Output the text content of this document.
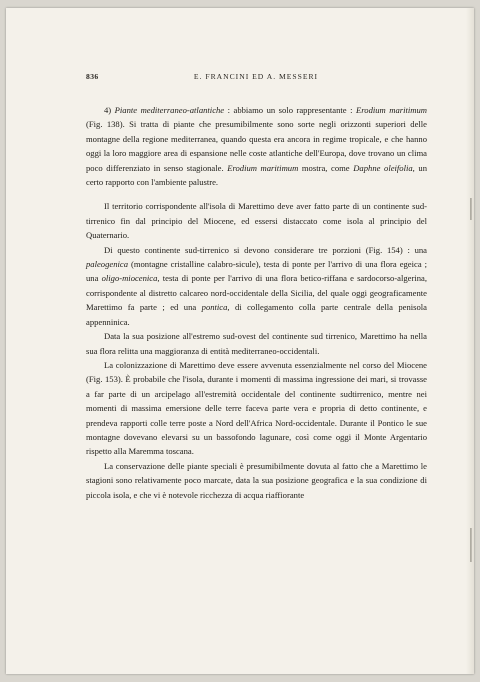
836	E. FRANCINI ED A. MESSERI

4) Piante mediterraneo-atlantiche : abbiamo un solo rappresentante : Erodium maritimum (Fig. 138). Si tratta di piante che presumibilmente sono sorte negli orizzonti superiori delle montagne della regione mediterranea, quando questa era ancora in regime tropicale, e che hanno oggi la loro maggiore area di espansione nelle coste atlantiche dell'Europa, dove trovano un clima poco differenziato in senso stagionale. Erodium maritimum mostra, come Daphne oleifolia, un certo rapporto con l'ambiente palustre.

Il territorio corrispondente all'isola di Marettimo deve aver fatto parte di un continente sud-tirrenico fin dal principio del Miocene, ed essersi distaccato come isola al principio del Quaternario.

Di questo continente sud-tirrenico si devono considerare tre porzioni (Fig. 154) : una paleogenica (montagne cristalline calabro-sicule), testa di ponte per l'arrivo di una flora egeica ; una oligo-miocenica, testa di ponte per l'arrivo di una flora betico-riffana e sardocorso-algerina, corrispondente al distretto calcareo nord-occidentale della Sicilia, del quale oggi geograficamente Marettimo fa parte ; ed una pontica, di collegamento colla parte centrale della penisola appenninica.

Data la sua posizione all'estremo sud-ovest del continente sud tirrenico, Marettimo ha nella sua flora relitta una maggioranza di entità mediterraneo-occidentali.

La colonizzazione di Marettimo deve essere avvenuta essenzialmente nel corso del Miocene (Fig. 153). È probabile che l'isola, durante i momenti di massima ingressione dei mari, si trovasse a far parte di un arcipelago all'estremità occidentale del continente sudtirrenico, mentre nei momenti di massima emersione delle terre faceva parte vera e propria di detto continente, e prendeva rapporti colle terre poste a Nord dell'Africa Nord-occidentale. Durante il Pontico le sue montagne dovevano elevarsi su un bassofondo lagunare, così come oggi il Monte Argentario rispetto alla Maremma toscana.

La conservazione delle piante speciali è presumibilmente dovuta al fatto che a Marettimo le stagioni sono relativamente poco marcate, data la sua posizione geografica e la sua condizione di piccola isola, e che vi è notevole ricchezza di acqua riaffiorante
